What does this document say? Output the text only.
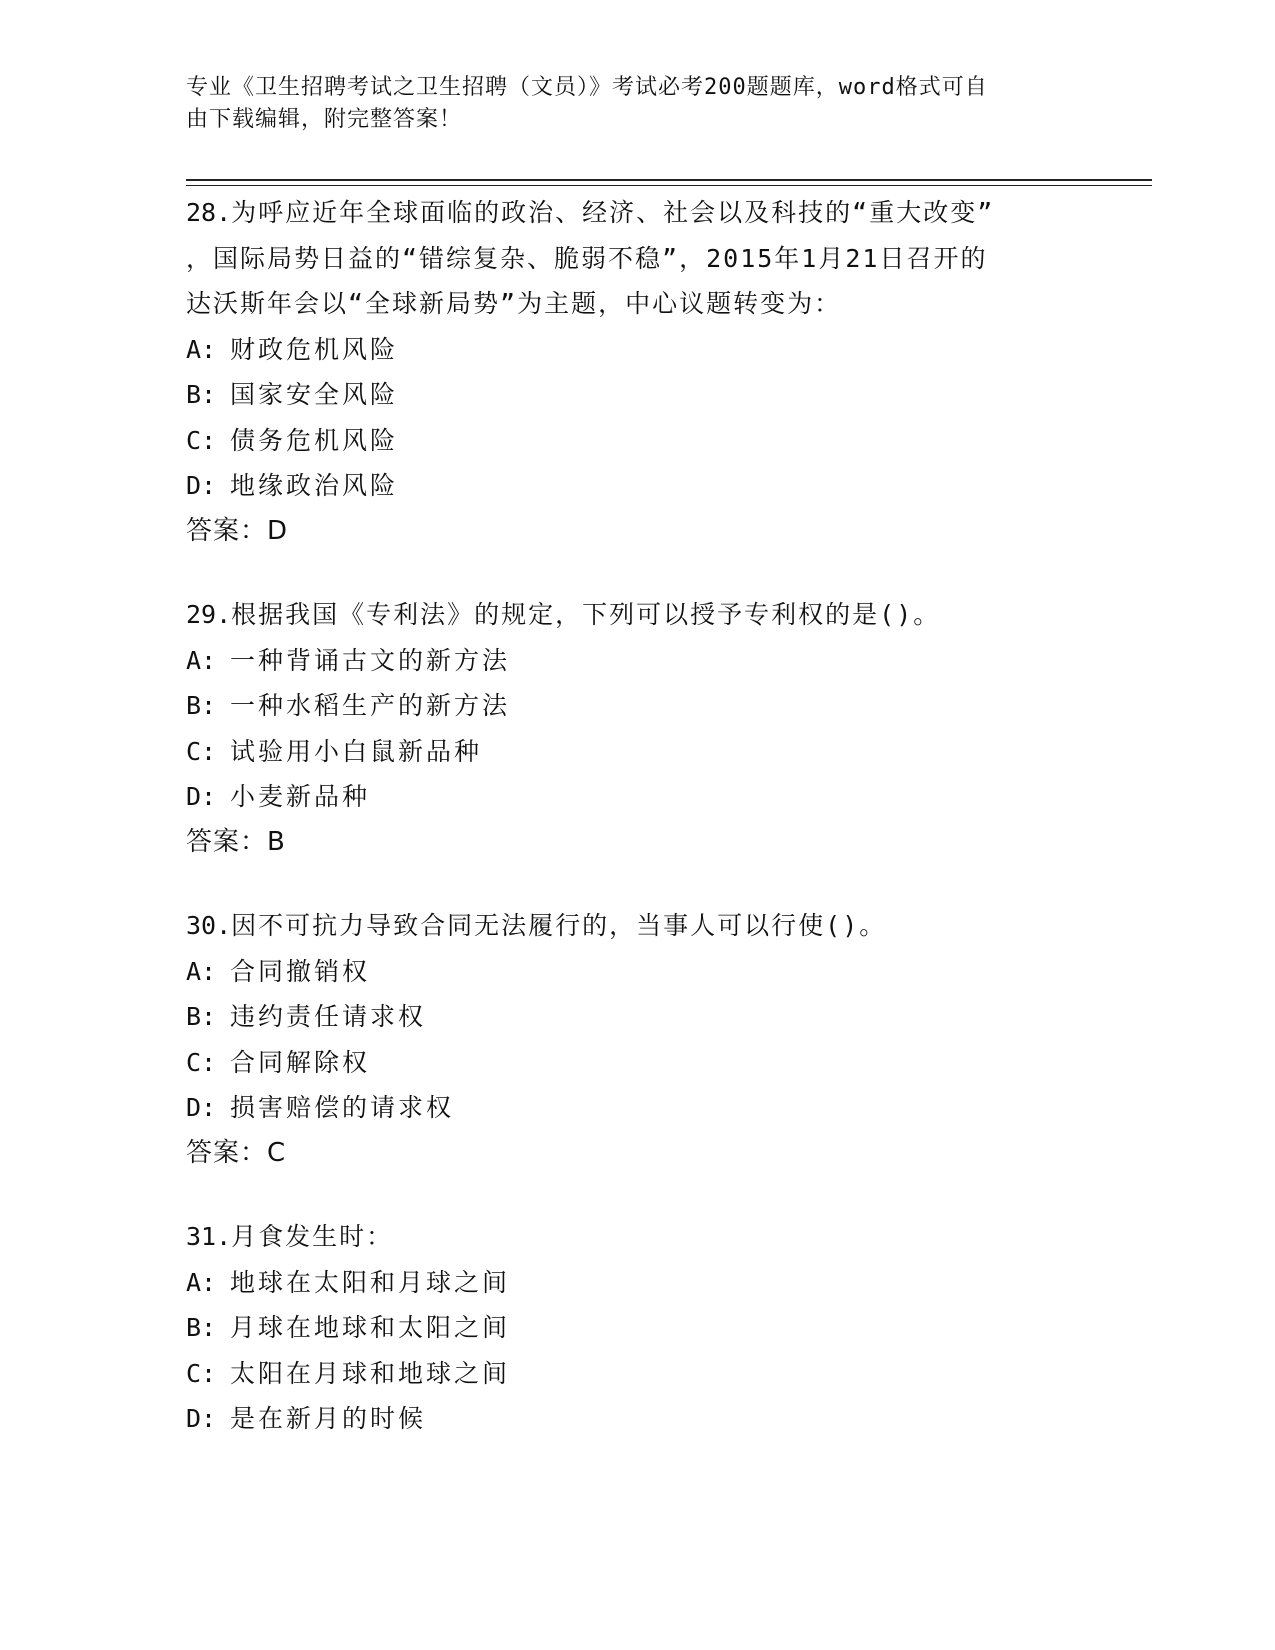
专业《卫生招聘考试之卫生招聘（文员）》考试必考200题题库，word格式可自
由下载编辑，附完整答案！
28.为呼应近年全球面临的政治、经济、社会以及科技的“重大改变”
，国际局势日益的“错综复杂、脆弱不稳”，2015年1月21日召开的
达沃斯年会以“全球新局势”为主题，中心议题转变为：
A: 财政危机风险
B: 国家安全风险
C: 债务危机风险
D: 地缘政治风险
答案：D
29.根据我国《专利法》的规定，下列可以授予专利权的是()。
A: 一种背诵古文的新方法
B: 一种水稻生产的新方法
C: 试验用小白鼠新品种
D: 小麦新品种
答案：B
30.因不可抗力导致合同无法履行的，当事人可以行使()。
A: 合同撤销权
B: 违约责任请求权
C: 合同解除权
D: 损害赔偿的请求权
答案：C
31.月食发生时：
A: 地球在太阳和月球之间
B: 月球在地球和太阳之间
C: 太阳在月球和地球之间
D: 是在新月的时候
